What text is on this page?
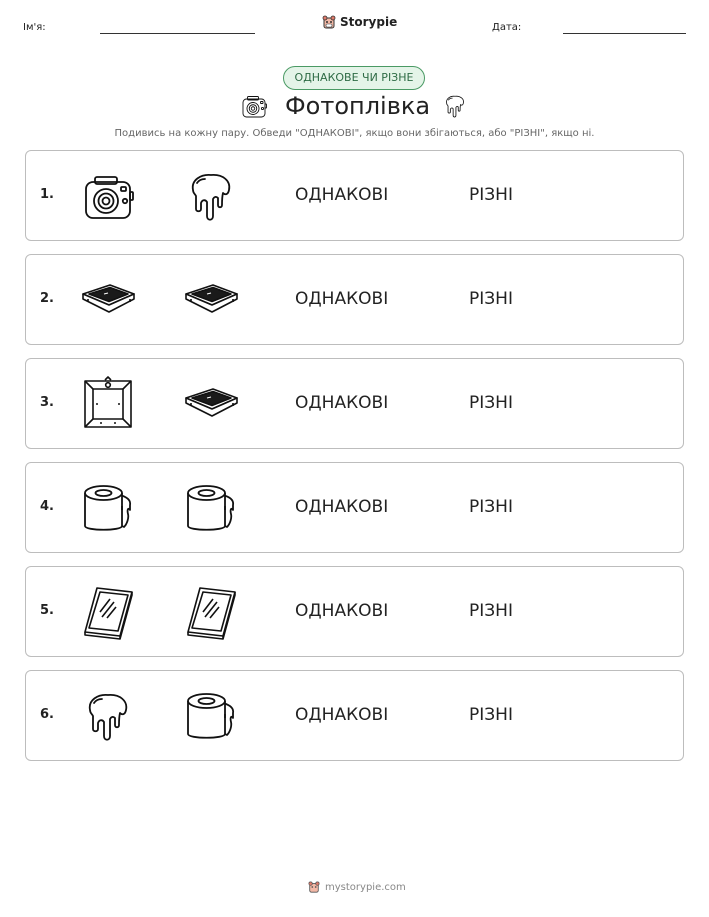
Ім'я:	Storypie	Дата:
ОДНАКОВЕ ЧИ РІЗНЕ
Фотоплівка
Подивись на кожну пару. Обведи "ОДНАКОВІ", якщо вони збігаються, або "РІЗНІ", якщо ні.
1.	ОДНАКОВІ	РІЗНІ
2.	ОДНАКОВІ	РІЗНІ
3.	ОДНАКОВІ	РІЗНІ
4.	ОДНАКОВІ	РІЗНІ
5.	ОДНАКОВІ	РІЗНІ
6.	ОДНАКОВІ	РІЗНІ
mystorypie.com
